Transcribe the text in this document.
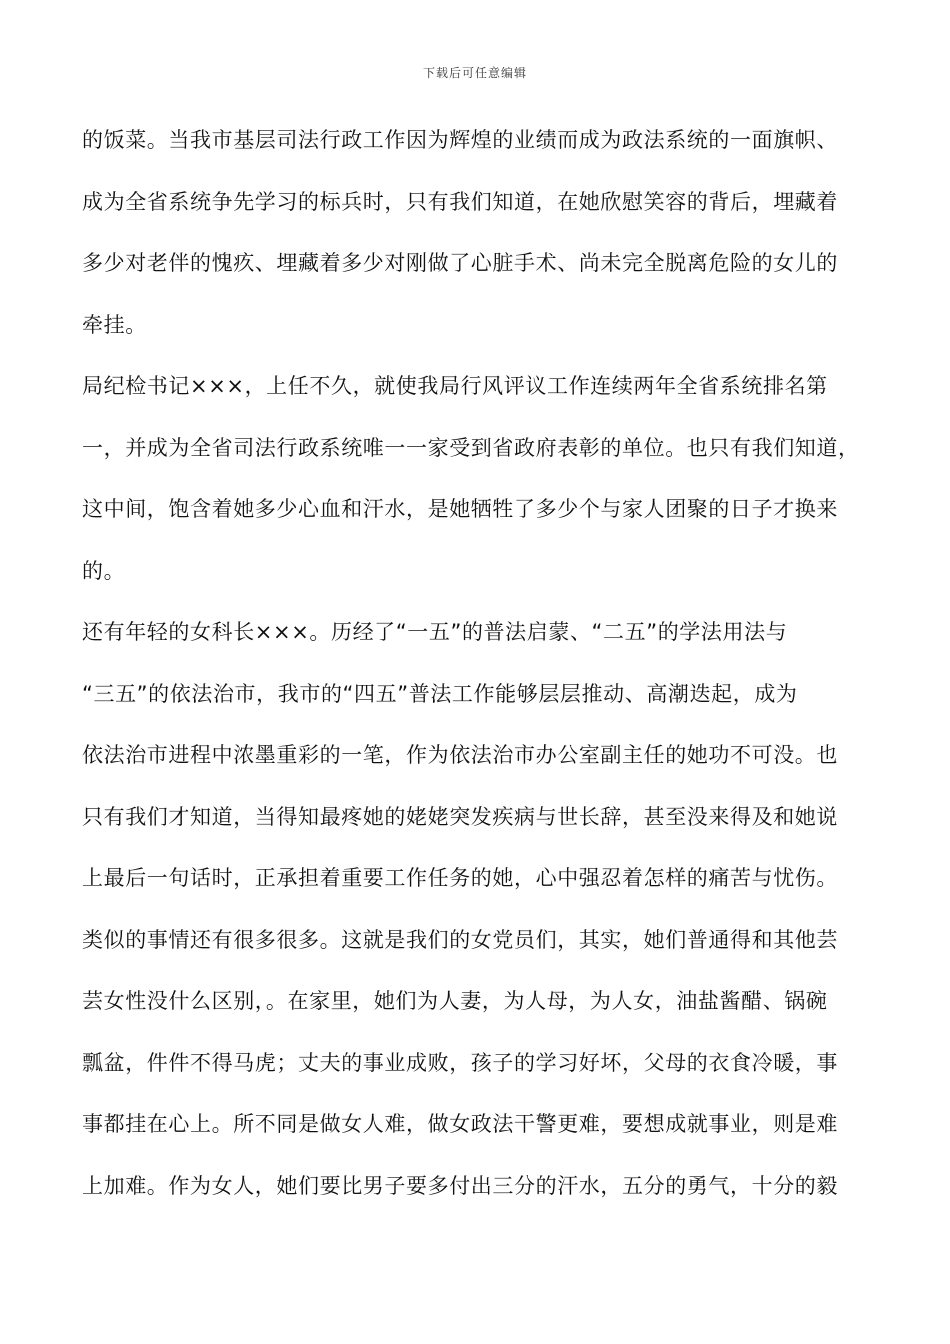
下载后可任意编辑
的饭菜。当我市基层司法行政工作因为辉煌的业绩而成为政法系统的一面旗帜、
成为全省系统争先学习的标兵时，只有我们知道，在她欣慰笑容的背后，埋藏着
多少对老伴的愧疚、埋藏着多少对刚做了心脏手术、尚未完全脱离危险的女儿的
牵挂。
局纪检书记×××，上任不久，就使我局行风评议工作连续两年全省系统排名第
一，并成为全省司法行政系统唯一一家受到省政府表彰的单位。也只有我们知道，
这中间，饱含着她多少心血和汗水，是她牺牲了多少个与家人团聚的日子才换来
的。
还有年轻的女科长×××。历经了“一五”的普法启蒙、“二五”的学法用法与
“三五”的依法治市，我市的“四五”普法工作能够层层推动、高潮迭起，成为
依法治市进程中浓墨重彩的一笔，作为依法治市办公室副主任的她功不可没。也
只有我们才知道，当得知最疼她的姥姥突发疾病与世长辞，甚至没来得及和她说
上最后一句话时，正承担着重要工作任务的她，心中强忍着怎样的痛苦与忧伤。
类似的事情还有很多很多。这就是我们的女党员们，其实，她们普通得和其他芸
芸女性没什么区别，。在家里，她们为人妻，为人母，为人女，油盐酱醋、锅碗
瓢盆，件件不得马虎；丈夫的事业成败，孩子的学习好坏，父母的衣食冷暖，事
事都挂在心上。所不同是做女人难，做女政法干警更难，要想成就事业，则是难
上加难。作为女人，她们要比男子要多付出三分的汗水，五分的勇气，十分的毅
